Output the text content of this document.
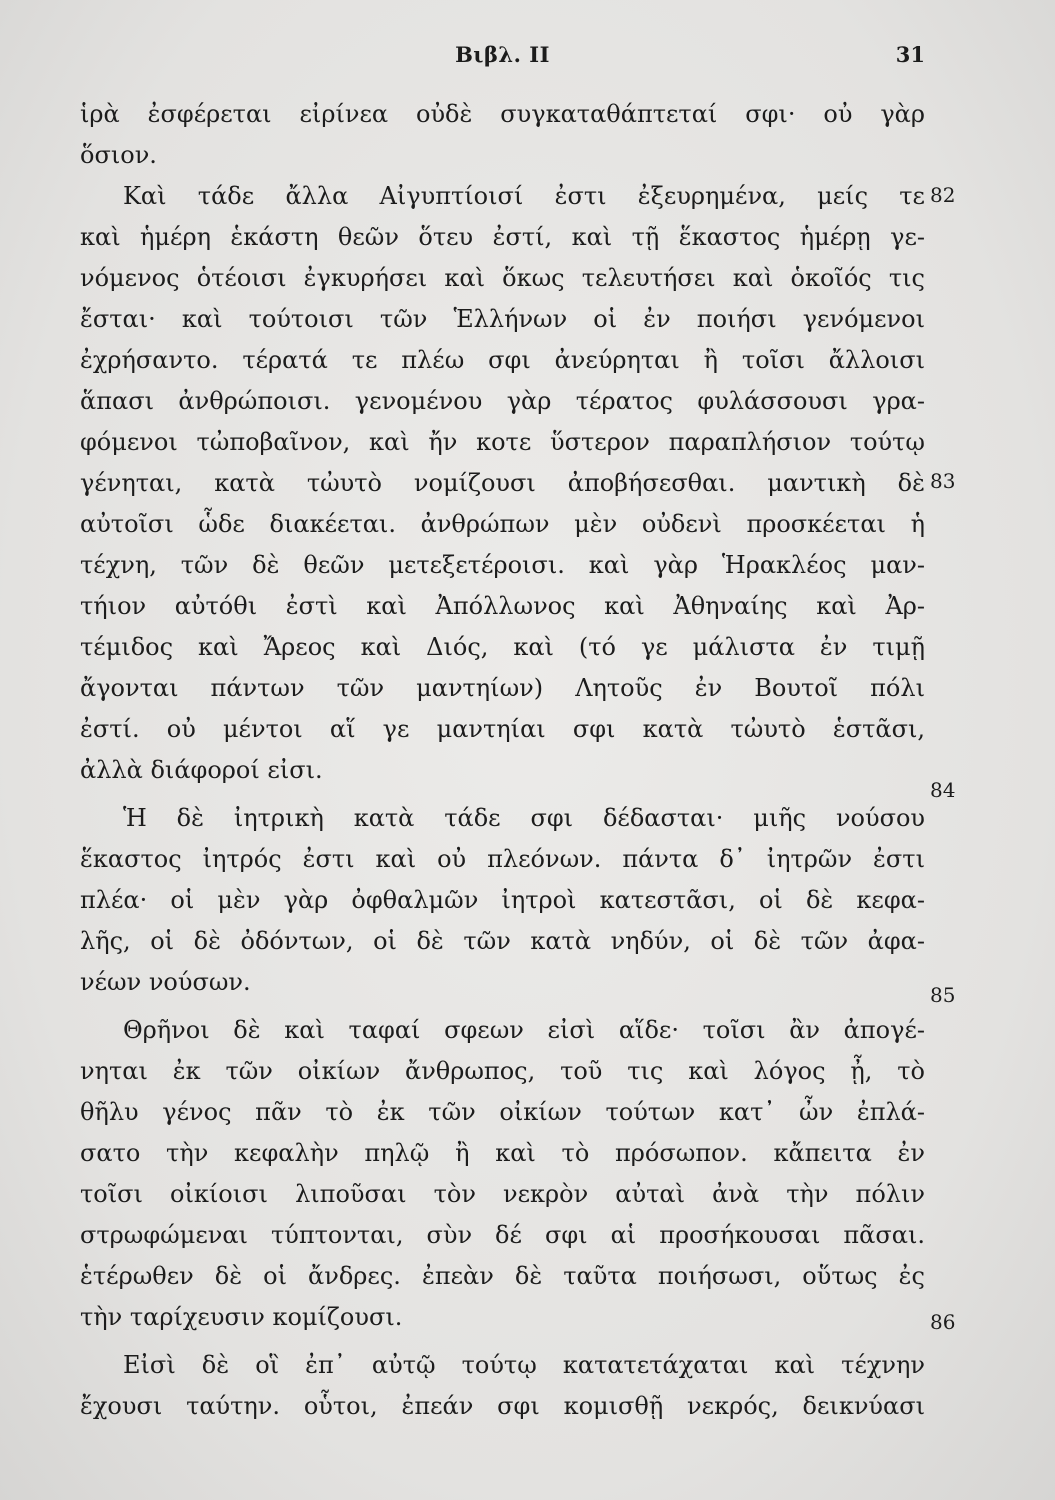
Βιβλ. II	31
ἱρὰ ἐσφέρεται εἰρίνεα οὐδὲ συγκαταθάπτεταί σφι· οὐ γὰρ
ὅσιον.
Καὶ τάδε ἄλλα Αἰγυπτίοισί ἐστι ἐξευρημένα, μείς τε
καὶ ἡμέρη ἑκάστη θεῶν ὅτευ ἐστί, καὶ τῇ ἕκαστος ἡμέρῃ γε-
νόμενος ὁτέοισι ἐγκυρήσει καὶ ὅκως τελευτήσει καὶ ὁκοῖός τις
ἔσται· καὶ τούτοισι τῶν Ἑλλήνων οἱ ἐν ποιήσι γενόμενοι
ἐχρήσαντο. τέρατά τε πλέω σφι ἀνεύρηται ἢ τοῖσι ἄλλοισι
ἅπασι ἀνθρώποισι. γενομένου γὰρ τέρατος φυλάσσουσι γρα-
φόμενοι τὠποβαῖνον, καὶ ἤν κοτε ὕστερον παραπλήσιον τούτῳ
γένηται, κατὰ τὠυτὸ νομίζουσι ἀποβήσεσθαι. μαντικὴ δὲ
αὐτοῖσι ὧδε διακέεται. ἀνθρώπων μὲν οὐδενὶ προσκέεται ἡ
τέχνη, τῶν δὲ θεῶν μετεξετέροισι. καὶ γὰρ Ἡρακλέος μαν-
τήιον αὐτόθι ἐστὶ καὶ Ἀπόλλωνος καὶ Ἀθηναίης καὶ Ἀρ-
τέμιδος καὶ Ἄρεος καὶ Διός, καὶ (τό γε μάλιστα ἐν τιμῇ
ἄγονται πάντων τῶν μαντηίων) Λητοῦς ἐν Βουτοῖ πόλι
ἐστί. οὐ μέντοι αἵ γε μαντηίαι σφι κατὰ τὠυτὸ ἑστᾶσι,
ἀλλὰ διάφοροί εἰσι.
Ἡ δὲ ἰητρικὴ κατὰ τάδε σφι δέδασται· μιῆς νούσου
ἕκαστος ἰητρός ἐστι καὶ οὐ πλεόνων. πάντα δ᾽ ἰητρῶν ἐστι
πλέα· οἱ μὲν γὰρ ὀφθαλμῶν ἰητροὶ κατεστᾶσι, οἱ δὲ κεφα-
λῆς, οἱ δὲ ὀδόντων, οἱ δὲ τῶν κατὰ νηδύν, οἱ δὲ τῶν ἀφα-
νέων νούσων.
Θρῆνοι δὲ καὶ ταφαί σφεων εἰσὶ αἵδε· τοῖσι ἂν ἀπογέ-
νηται ἐκ τῶν οἰκίων ἄνθρωπος, τοῦ τις καὶ λόγος ᾖ, τὸ
θῆλυ γένος πᾶν τὸ ἐκ τῶν οἰκίων τούτων κατ᾽ ὦν ἐπλά-
σατο τὴν κεφαλὴν πηλῷ ἢ καὶ τὸ πρόσωπον. κἄπειτα ἐν
τοῖσι οἰκίοισι λιποῦσαι τὸν νεκρὸν αὐταὶ ἀνὰ τὴν πόλιν
στρωφώμεναι τύπτονται, σὺν δέ σφι αἱ προσήκουσαι πᾶσαι.
ἑτέρωθεν δὲ οἱ ἄνδρες. ἐπεὰν δὲ ταῦτα ποιήσωσι, οὕτως ἐς
τὴν ταρίχευσιν κομίζουσι.
Εἰσὶ δὲ οἳ ἐπ᾽ αὐτῷ τούτῳ κατατετάχαται καὶ τέχνην
ἔχουσι ταύτην. οὗτοι, ἐπεάν σφι κομισθῇ νεκρός, δεικνύασι
82
83
84
85
86
